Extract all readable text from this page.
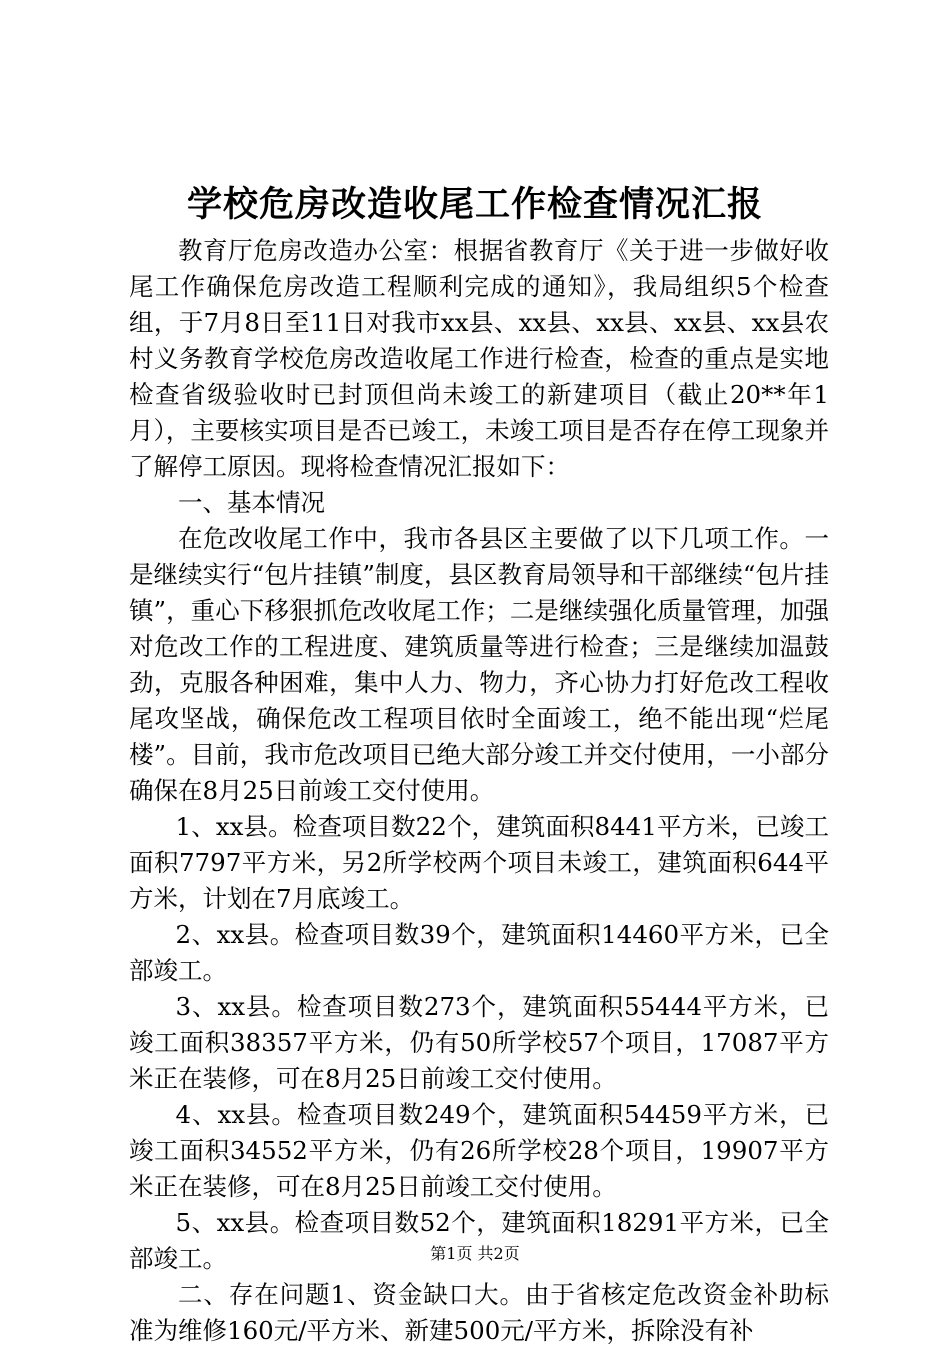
学校危房改造收尾工作检查情况汇报

教育厅危房改造办公室：根据省教育厅《关于进一步做好收尾工作确保危房改造工程顺利完成的通知》，我局组织5个检查组，于7月8日至11日对我市xx县、xx县、xx县、xx县、xx县农村义务教育学校危房改造收尾工作进行检查，检查的重点是实地检查省级验收时已封顶但尚未竣工的新建项目（截止20**年1月），主要核实项目是否已竣工，未竣工项目是否存在停工现象并了解停工原因。现将检查情况汇报如下：

一、基本情况

在危改收尾工作中，我市各县区主要做了以下几项工作。一是继续实行“包片挂镇”制度，县区教育局领导和干部继续“包片挂镇”，重心下移狠抓危改收尾工作；二是继续强化质量管理，加强对危改工作的工程进度、建筑质量等进行检查；三是继续加温鼓劲，克服各种困难，集中人力、物力，齐心协力打好危改工程收尾攻坚战，确保危改工程项目依时全面竣工，绝不能出现“烂尾楼”。目前，我市危改项目已绝大部分竣工并交付使用，一小部分确保在8月25日前竣工交付使用。

1、xx县。检查项目数22个，建筑面积8441平方米，已竣工面积7797平方米，另2所学校两个项目未竣工，建筑面积644平方米，计划在7月底竣工。

2、xx县。检查项目数39个，建筑面积14460平方米，已全部竣工。

3、xx县。检查项目数273个，建筑面积55444平方米，已竣工面积38357平方米，仍有50所学校57个项目，17087平方米正在装修，可在8月25日前竣工交付使用。

4、xx县。检查项目数249个，建筑面积54459平方米，已竣工面积34552平方米，仍有26所学校28个项目，19907平方米正在装修，可在8月25日前竣工交付使用。

5、xx县。检查项目数52个，建筑面积18291平方米，已全部竣工。

二、存在问题1、资金缺口大。由于省核定危改资金补助标准为维修160元/平方米、新建500元/平方米，拆除没有补

第1页 共2页
